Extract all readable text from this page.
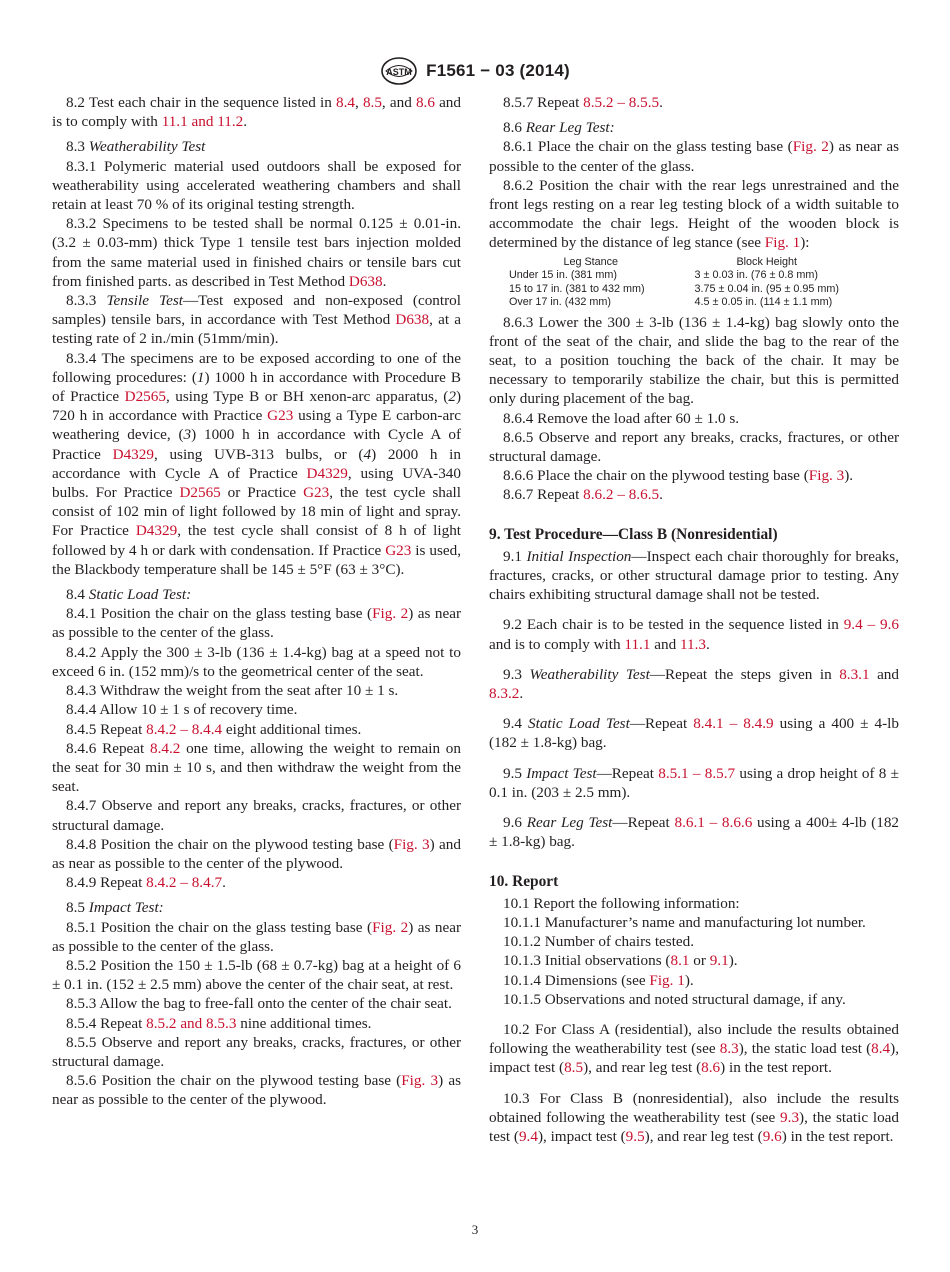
ASTM F1561 − 03 (2014)

8.2 Test each chair in the sequence listed in 8.4, 8.5, and 8.6 and is to comply with 11.1 and 11.2.

8.3 Weatherability Test

8.3.1 Polymeric material used outdoors shall be exposed for weatherability using accelerated weathering chambers and shall retain at least 70 % of its original testing strength.

8.3.2 Specimens to be tested shall be normal 0.125 ± 0.01-in. (3.2 ± 0.03-mm) thick Type 1 tensile test bars injection molded from the same material used in finished chairs or tensile bars cut from finished parts. as described in Test Method D638.

8.3.3 Tensile Test—Test exposed and non-exposed (control samples) tensile bars, in accordance with Test Method D638, at a testing rate of 2 in./min (51mm/min).

8.3.4 The specimens are to be exposed according to one of the following procedures: (1) 1000 h in accordance with Procedure B of Practice D2565, using Type B or BH xenon-arc apparatus, (2) 720 h in accordance with Practice G23 using a Type E carbon-arc weathering device, (3) 1000 h in accordance with Cycle A of Practice D4329, using UVB-313 bulbs, or (4) 2000 h in accordance with Cycle A of Practice D4329, using UVA-340 bulbs. For Practice D2565 or Practice G23, the test cycle shall consist of 102 min of light followed by 18 min of light and spray. For Practice D4329, the test cycle shall consist of 8 h of light followed by 4 h or dark with condensation. If Practice G23 is used, the Blackbody temperature shall be 145 ± 5°F (63 ± 3°C).

8.4 Static Load Test:

8.4.1 Position the chair on the glass testing base (Fig. 2) as near as possible to the center of the glass.

8.4.2 Apply the 300 ± 3-lb (136 ± 1.4-kg) bag at a speed not to exceed 6 in. (152 mm)/s to the geometrical center of the seat.

8.4.3 Withdraw the weight from the seat after 10 ± 1 s.

8.4.4 Allow 10 ± 1 s of recovery time.

8.4.5 Repeat 8.4.2 – 8.4.4 eight additional times.

8.4.6 Repeat 8.4.2 one time, allowing the weight to remain on the seat for 30 min ± 10 s, and then withdraw the weight from the seat.

8.4.7 Observe and report any breaks, cracks, fractures, or other structural damage.

8.4.8 Position the chair on the plywood testing base (Fig. 3) and as near as possible to the center of the plywood.

8.4.9 Repeat 8.4.2 – 8.4.7.

8.5 Impact Test:

8.5.1 Position the chair on the glass testing base (Fig. 2) as near as possible to the center of the glass.

8.5.2 Position the 150 ± 1.5-lb (68 ± 0.7-kg) bag at a height of 6 ± 0.1 in. (152 ± 2.5 mm) above the center of the chair seat, at rest.

8.5.3 Allow the bag to free-fall onto the center of the chair seat.

8.5.4 Repeat 8.5.2 and 8.5.3 nine additional times.

8.5.5 Observe and report any breaks, cracks, fractures, or other structural damage.

8.5.6 Position the chair on the plywood testing base (Fig. 3) as near as possible to the center of the plywood.

8.5.7 Repeat 8.5.2 – 8.5.5.

8.6 Rear Leg Test:

8.6.1 Place the chair on the glass testing base (Fig. 2) as near as possible to the center of the glass.

8.6.2 Position the chair with the rear legs unrestrained and the front legs resting on a rear leg testing block of a width suitable to accommodate the chair legs. Height of the wooden block is determined by the distance of leg stance (see Fig. 1):

Leg Stance	Block Height
Under 15 in. (381 mm)	3 ± 0.03 in. (76 ± 0.8 mm)
15 to 17 in. (381 to 432 mm)	3.75 ± 0.04 in. (95 ± 0.95 mm)
Over 17 in. (432 mm)	4.5 ± 0.05 in. (114 ± 1.1 mm)

8.6.3 Lower the 300 ± 3-lb (136 ± 1.4-kg) bag slowly onto the front of the seat of the chair, and slide the bag to the rear of the seat, to a position touching the back of the chair. It may be necessary to temporarily stabilize the chair, but this is permitted only during placement of the bag.

8.6.4 Remove the load after 60 ± 1.0 s.

8.6.5 Observe and report any breaks, cracks, fractures, or other structural damage.

8.6.6 Place the chair on the plywood testing base (Fig. 3).

8.6.7 Repeat 8.6.2 – 8.6.5.

9. Test Procedure—Class B (Nonresidential)

9.1 Initial Inspection—Inspect each chair thoroughly for breaks, fractures, cracks, or other structural damage prior to testing. Any chairs exhibiting structural damage shall not be tested.

9.2 Each chair is to be tested in the sequence listed in 9.4 – 9.6 and is to comply with 11.1 and 11.3.

9.3 Weatherability Test—Repeat the steps given in 8.3.1 and 8.3.2.

9.4 Static Load Test—Repeat 8.4.1 – 8.4.9 using a 400 ± 4-lb (182 ± 1.8-kg) bag.

9.5 Impact Test—Repeat 8.5.1 – 8.5.7 using a drop height of 8 ± 0.1 in. (203 ± 2.5 mm).

9.6 Rear Leg Test—Repeat 8.6.1 – 8.6.6 using a 400± 4-lb (182 ± 1.8-kg) bag.

10. Report

10.1 Report the following information:

10.1.1 Manufacturer’s name and manufacturing lot number.

10.1.2 Number of chairs tested.

10.1.3 Initial observations (8.1 or 9.1).

10.1.4 Dimensions (see Fig. 1).

10.1.5 Observations and noted structural damage, if any.

10.2 For Class A (residential), also include the results obtained following the weatherability test (see 8.3), the static load test (8.4), impact test (8.5), and rear leg test (8.6) in the test report.

10.3 For Class B (nonresidential), also include the results obtained following the weatherability test (see 9.3), the static load test (9.4), impact test (9.5), and rear leg test (9.6) in the test report.

3
